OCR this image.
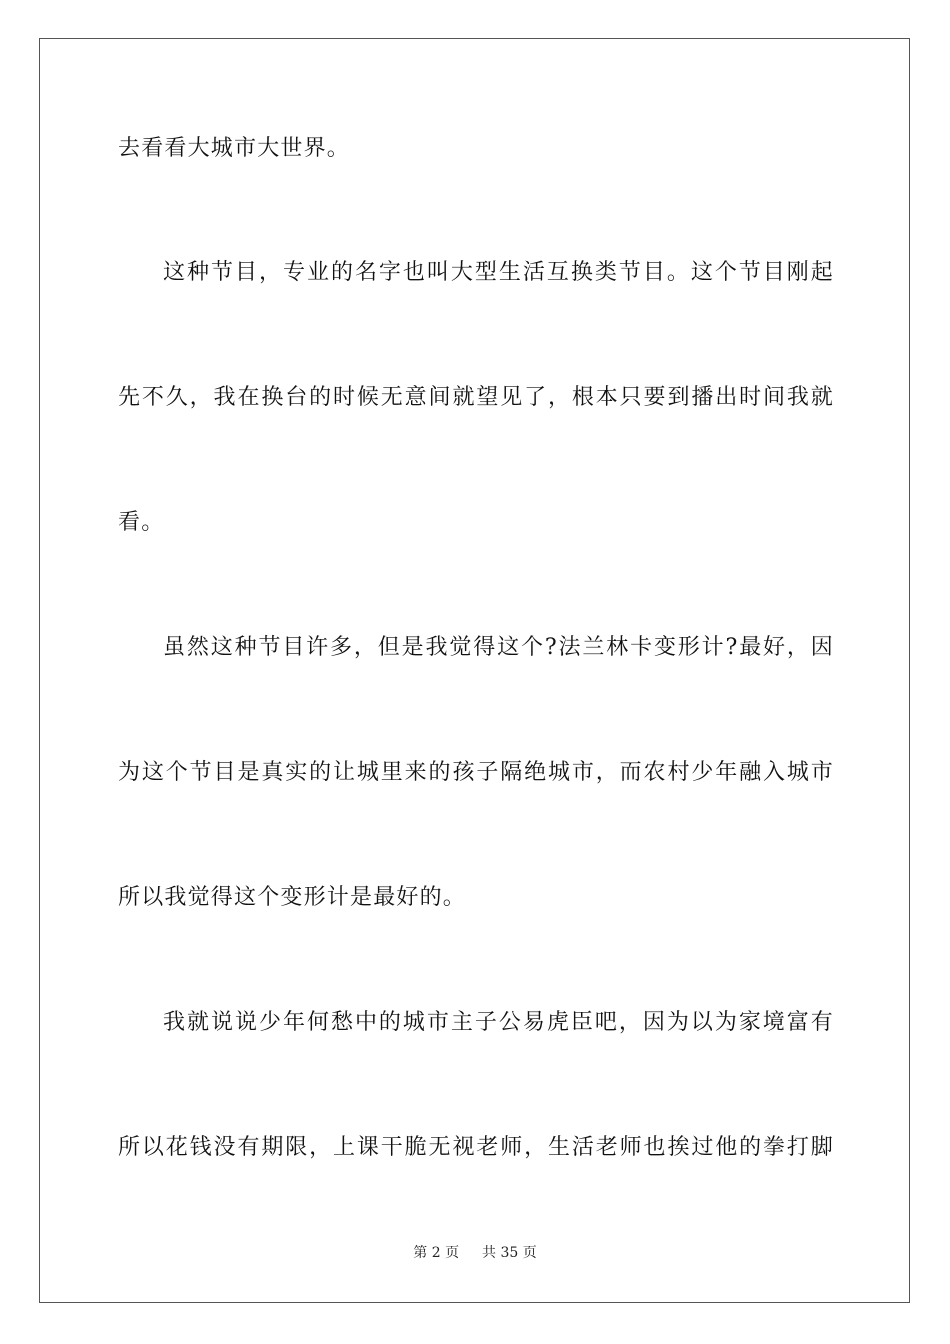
去看看大城市大世界。
这种节目，专业的名字也叫大型生活互换类节目。这个节目刚起
先不久，我在换台的时候无意间就望见了，根本只要到播出时间我就
看。
虽然这种节目许多，但是我觉得这个?法兰林卡变形计?最好，因
为这个节目是真实的让城里来的孩子隔绝城市，而农村少年融入城市
所以我觉得这个变形计是最好的。
我就说说少年何愁中的城市主子公易虎臣吧，因为以为家境富有
所以花钱没有期限，上课干脆无视老师，生活老师也挨过他的拳打脚
第 2 页 共 35 页
